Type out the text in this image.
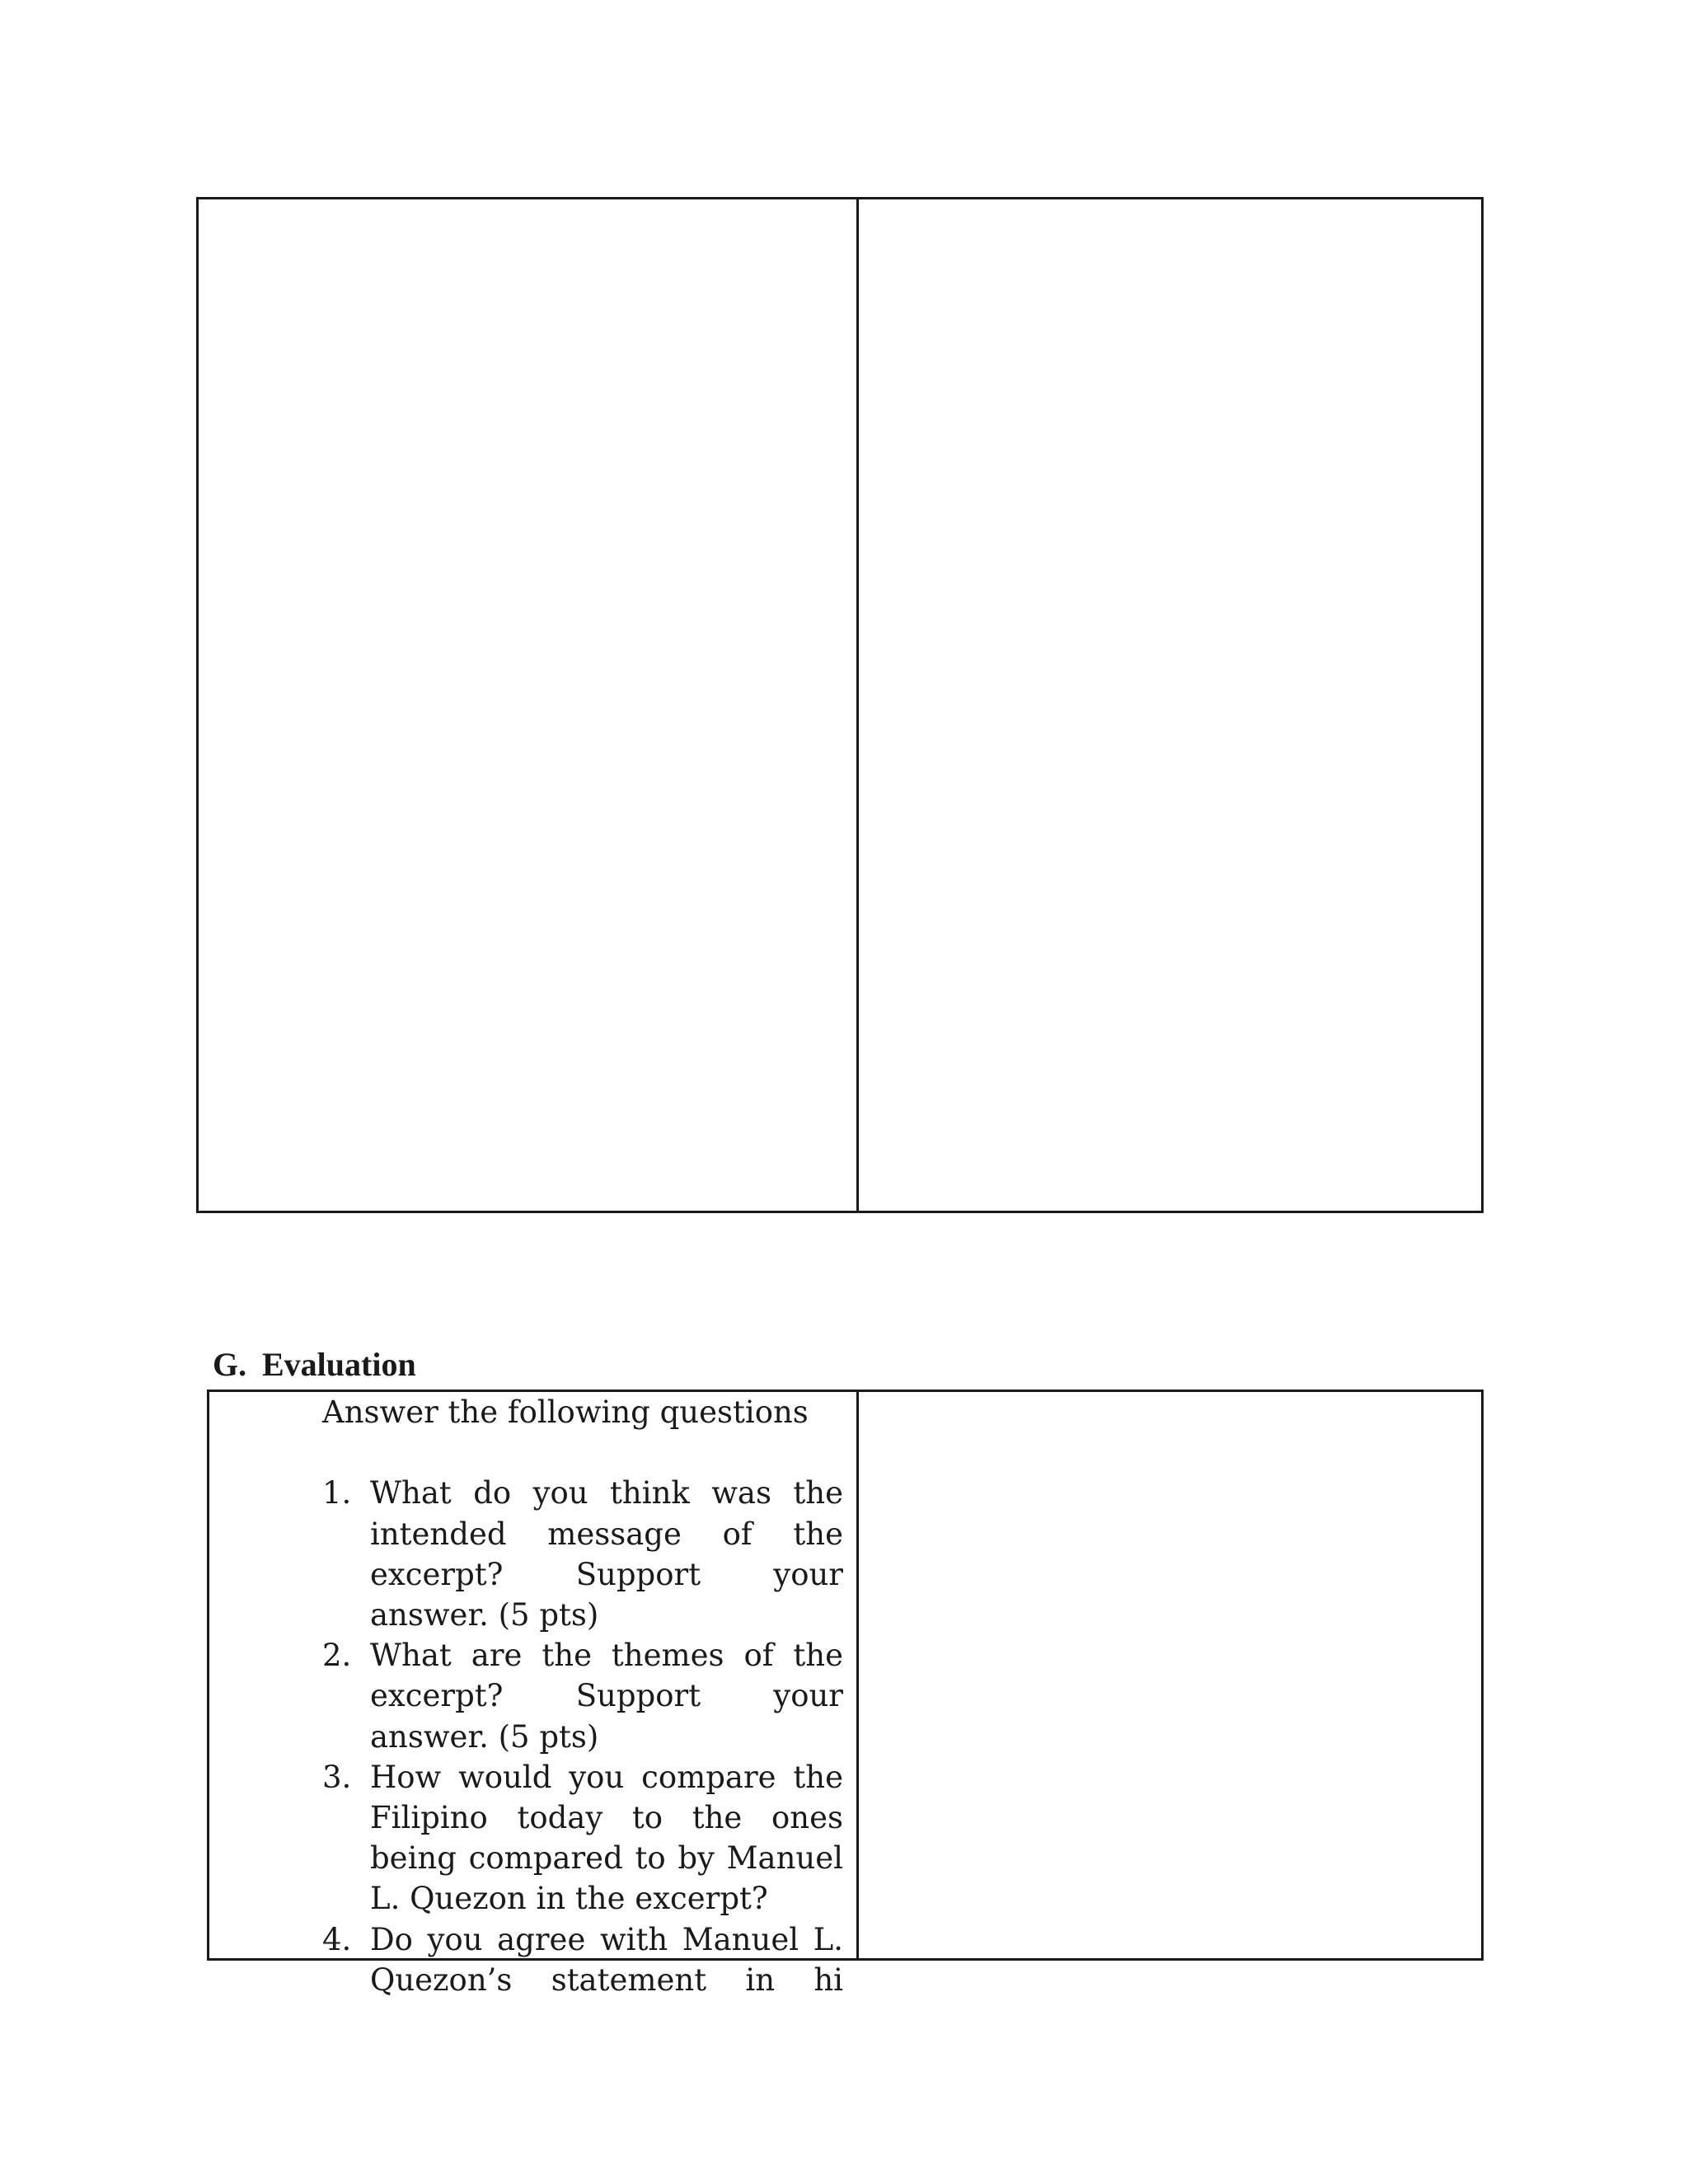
G. Evaluation

Answer the following questions

1. What do you think was the intended message of the excerpt? Support your answer. (5 pts)
2. What are the themes of the excerpt? Support your answer. (5 pts)
3. How would you compare the Filipino today to the ones being compared to by Manuel L. Quezon in the excerpt?
4. Do you agree with Manuel L. Quezon’s statement in hi
